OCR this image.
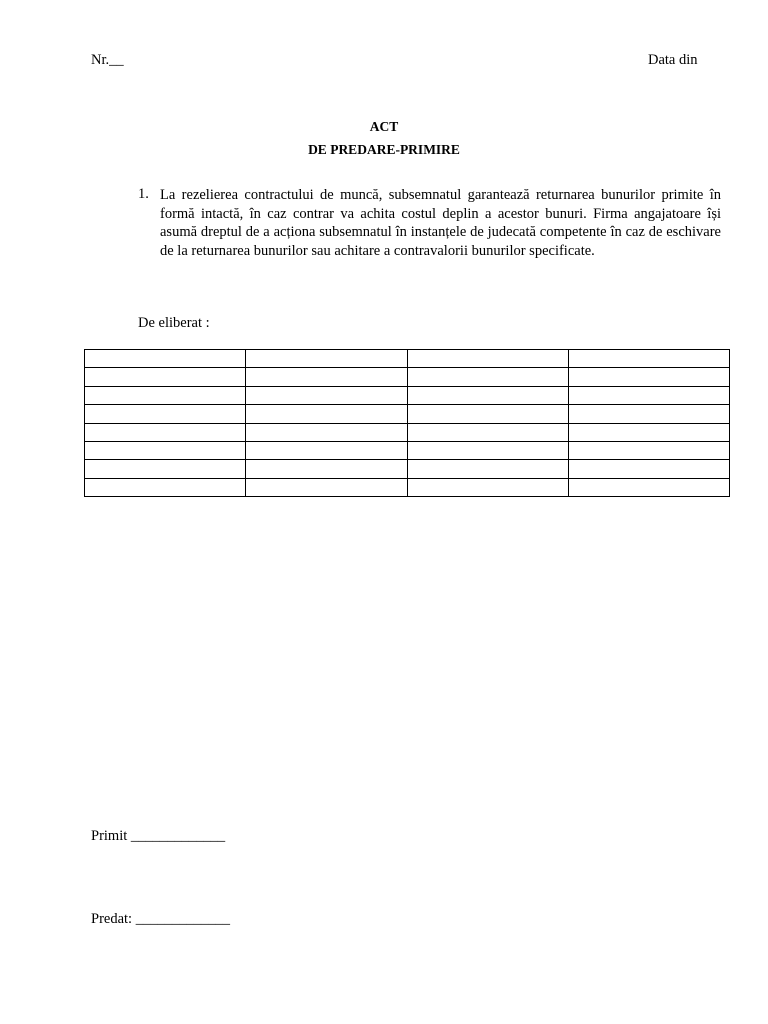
Nr.__	Data din
ACT
DE PREDARE-PRIMIRE
1. La rezelierea contractului de muncă, subsemnatul garantează returnarea bunurilor primite în formă intactă, în caz contrar va achita costul deplin a acestor bunuri. Firma angajatoare își asumă dreptul de a acționa subsemnatul în instanțele de judecată competente în caz de eschivare de la returnarea bunurilor sau achitare a contravalorii bunurilor specificate.
De eliberat :

Primit _____________
Predat: _____________
